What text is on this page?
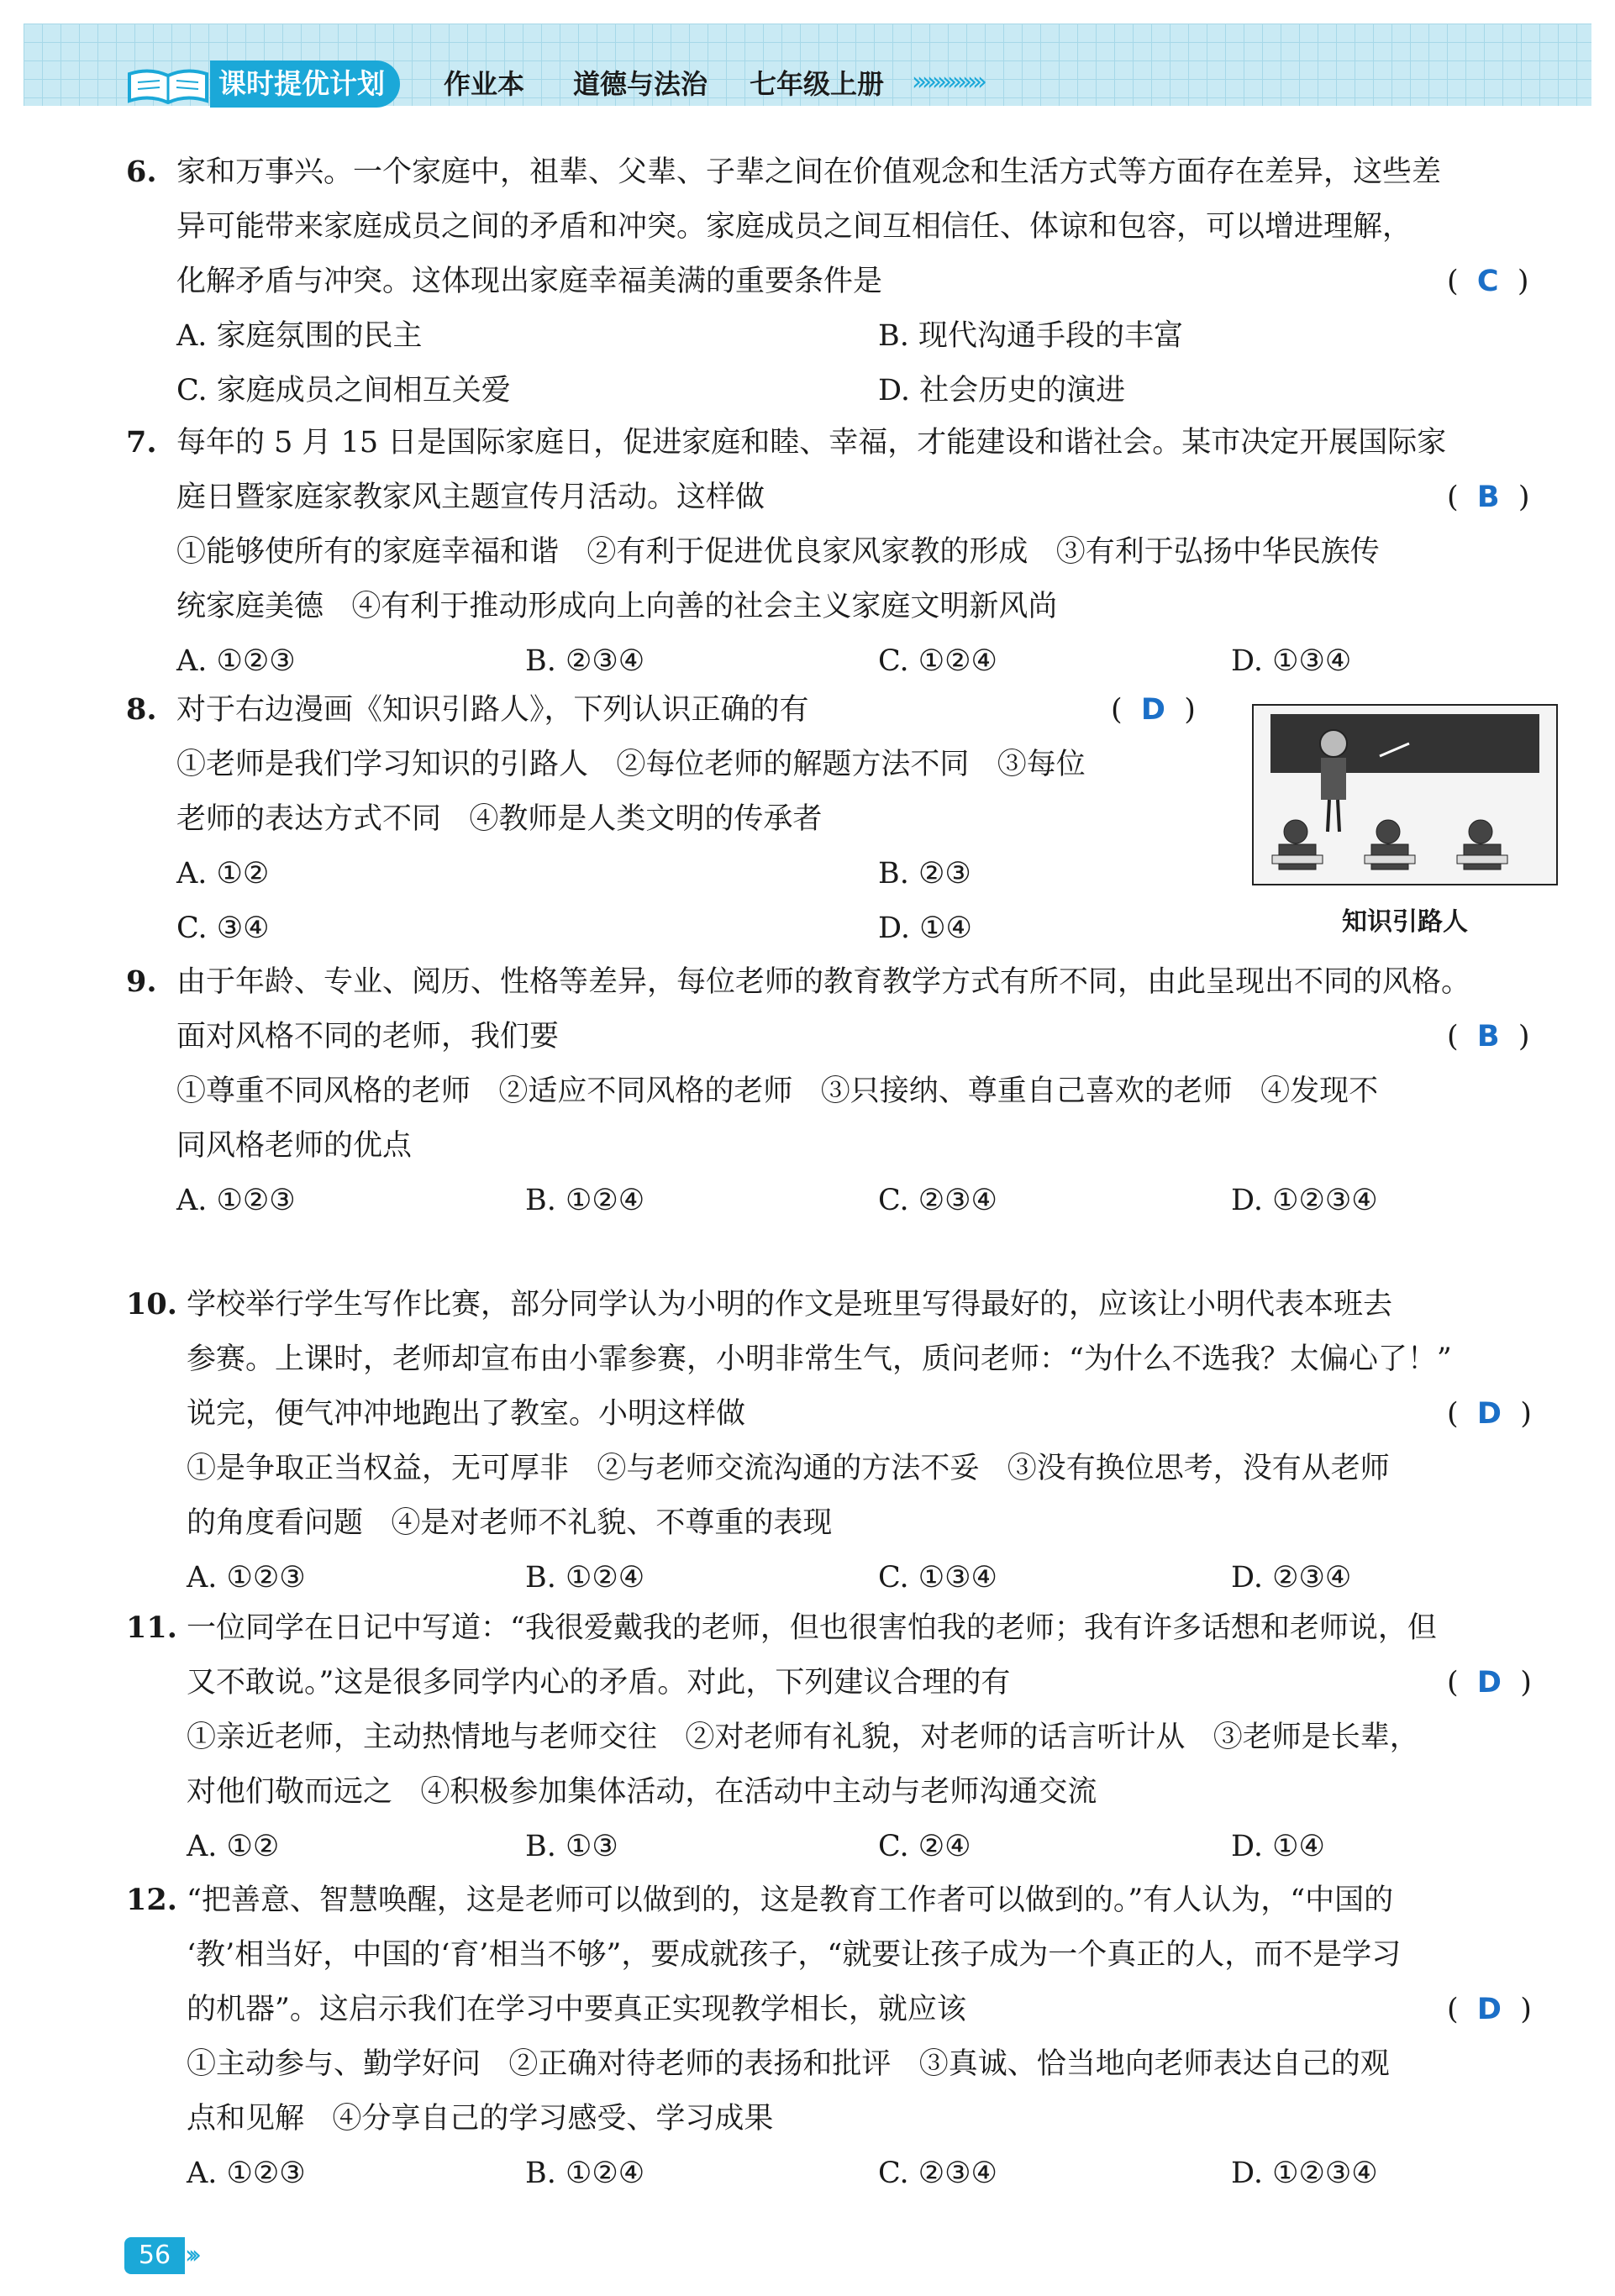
课时提优计划	作业本 道德与法治 七年级上册 ››››››››››››››
6. 家和万事兴。一个家庭中，祖辈、父辈、子辈之间在价值观念和生活方式等方面存在差异，这些差
异可能带来家庭成员之间的矛盾和冲突。家庭成员之间互相信任、体谅和包容，可以增进理解，
化解矛盾与冲突。这体现出家庭幸福美满的重要条件是	(  C  )
A. 家庭氛围的民主	B. 现代沟通手段的丰富
C. 家庭成员之间相互关爱	D. 社会历史的演进
7. 每年的 5 月 15 日是国际家庭日，促进家庭和睦、幸福，才能建设和谐社会。某市决定开展国际家
庭日暨家庭家教家风主题宣传月活动。这样做	(  B  )
①能够使所有的家庭幸福和谐   ②有利于促进优良家风家教的形成   ③有利于弘扬中华民族传
统家庭美德   ④有利于推动形成向上向善的社会主义家庭文明新风尚
A. ①②③	B. ②③④	C. ①②④	D. ①③④
8. 对于右边漫画《知识引路人》，下列认识正确的有	(  D  )
①老师是我们学习知识的引路人   ②每位老师的解题方法不同   ③每位
老师的表达方式不同   ④教师是人类文明的传承者
A. ①②	B. ②③
C. ③④	D. ①④
9. 由于年龄、专业、阅历、性格等差异，每位老师的教育教学方式有所不同，由此呈现出不同的风格。
面对风格不同的老师，我们要	(  B  )
①尊重不同风格的老师   ②适应不同风格的老师   ③只接纳、尊重自己喜欢的老师   ④发现不
同风格老师的优点
A. ①②③	B. ①②④	C. ②③④	D. ①②③④
10. 学校举行学生写作比赛，部分同学认为小明的作文是班里写得最好的，应该让小明代表本班去
参赛。上课时，老师却宣布由小霏参赛，小明非常生气，质问老师：“为什么不选我？太偏心了！”
说完，便气冲冲地跑出了教室。小明这样做	(  D  )
①是争取正当权益，无可厚非   ②与老师交流沟通的方法不妥   ③没有换位思考，没有从老师
的角度看问题   ④是对老师不礼貌、不尊重的表现
A. ①②③	B. ①②④	C. ①③④	D. ②③④
11. 一位同学在日记中写道：“我很爱戴我的老师，但也很害怕我的老师；我有许多话想和老师说，但
又不敢说。”这是很多同学内心的矛盾。对此，下列建议合理的有	(  D  )
①亲近老师，主动热情地与老师交往   ②对老师有礼貌，对老师的话言听计从   ③老师是长辈，
对他们敬而远之   ④积极参加集体活动，在活动中主动与老师沟通交流
A. ①②	B. ①③	C. ②④	D. ①④
12. “把善意、智慧唤醒，这是老师可以做到的，这是教育工作者可以做到的。”有人认为，“中国的
‘教’相当好，中国的‘育’相当不够”，要成就孩子，“就要让孩子成为一个真正的人，而不是学习
的机器”。这启示我们在学习中要真正实现教学相长，就应该	(  D  )
①主动参与、勤学好问   ②正确对待老师的表扬和批评   ③真诚、恰当地向老师表达自己的观
点和见解   ④分享自己的学习感受、学习成果
A. ①②③	B. ①②④	C. ②③④	D. ①②③④
知识引路人
56 ›››
